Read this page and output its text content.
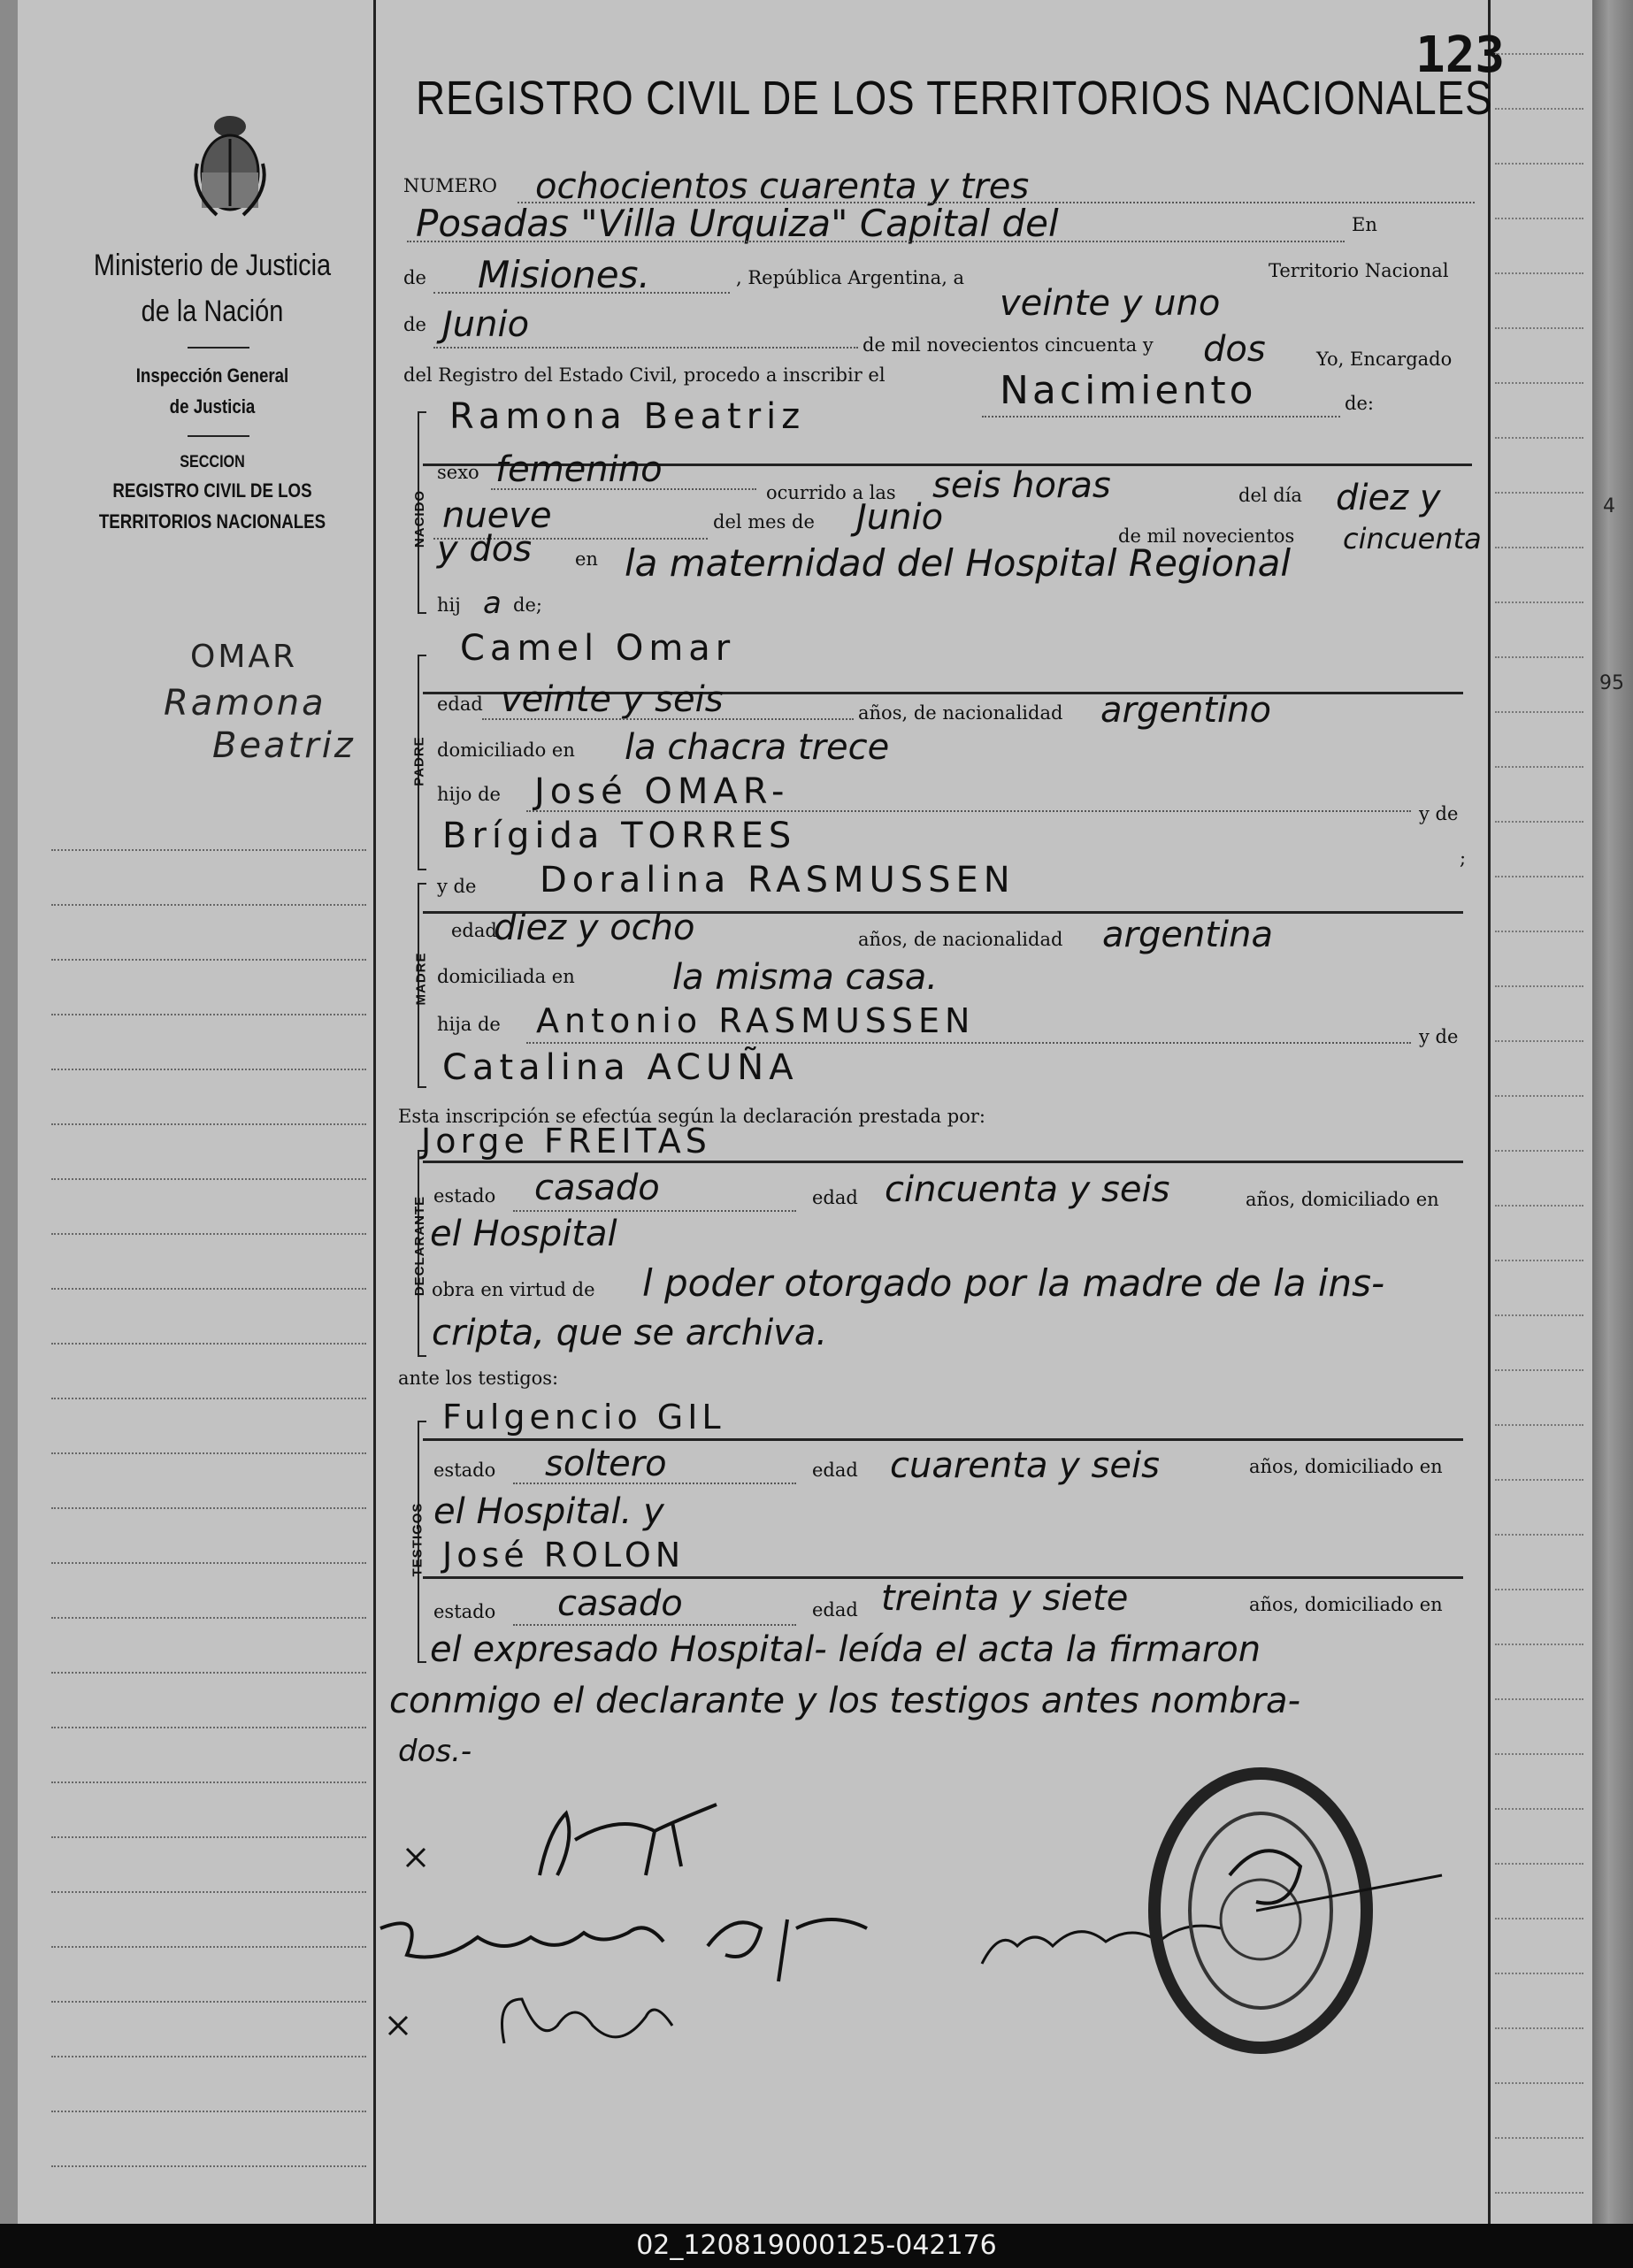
Ministerio de Justicia
de la Nación
Inspección General
de Justicia
SECCION
REGISTRO CIVIL DE LOS
TERRITORIOS NACIONALES
OMAR
Ramona
Beatriz
123
REGISTRO CIVIL DE LOS TERRITORIOS NACIONALES
NUMERO ochocientos cuarenta y tres
Posadas "Villa Urquiza" Capital del	En
de Misiones.	, República Argentina, a
veinte y uno
Territorio Nacional
de Junio	de mil novecientos cincuenta y dos	Yo, Encargado
del Registro del Estado Civil, procedo a inscribir el	Nacimiento	de:
NACIDO
Ramona Beatriz
sexo femenino
ocurrido a las seis horas	del día diez y
nueve	del mes de Junio	de mil novecientos cincuenta
y dos en la maternidad del Hospital Regional
hij a de;
PADRE
Camel Omar
edad veinte y seis	años, de nacionalidad argentino
domiciliado en la chacra trece
hijo de José OMAR-
Brígida TORRES
y de
;
MADRE
y de Doralina RASMUSSEN
edad
diez y ocho	años, de nacionalidad argentina
domiciliada en	la misma casa.
hija de Antonio RASMUSSEN	y de
Catalina ACUÑA
Esta inscripción se efectúa según la declaración prestada por:
DECLARANTE
Jorge FREITAS
estado casado	edad cincuenta y seis	años, domiciliado en
el Hospital
obra en virtud de l poder otorgado por la madre de la ins-
cripta, que se archiva.
ante los testigos:
TESTIGOS
Fulgencio GIL
estado soltero	edad cuarenta y seis	años, domiciliado en
el Hospital. y
José ROLON
estado casado	edad treinta y siete	años, domiciliado en
el expresado Hospital- leída el acta la firmaron
conmigo el declarante y los testigos antes nombra-
dos.-
4
95
02_120819000125-042176
